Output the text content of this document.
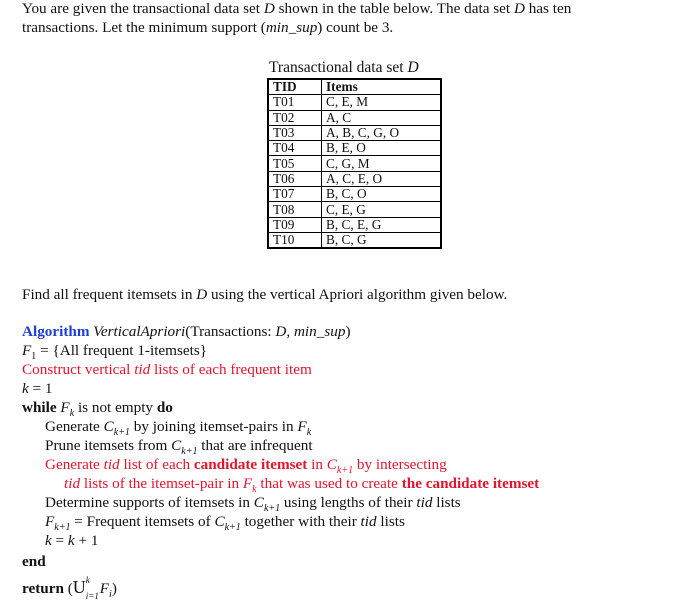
You are given the transactional data set D shown in the table below. The data set D has ten
transactions. Let the minimum support (min_sup) count be 3.
Transactional data set D
TID	Items
T01	C, E, M
T02	A, C
T03	A, B, C, G, O
T04	B, E, O
T05	C, G, M
T06	A, C, E, O
T07	B, C, O
T08	C, E, G
T09	B, C, E, G
T10	B, C, G
Find all frequent itemsets in D using the vertical Apriori algorithm given below.
Algorithm VerticalApriori(Transactions: D, min_sup)
$F_1 = \{All$ frequent 1-itemsets}
Construct vertical tid lists of each frequent item
k = 1
while $F_k$ is not empty do
Generate $C_{k+1}$ by joining itemset-pairs in $F_k$
Prune itemsets from $C_{k+1}$ that are infrequent
Generate tid list of each candidate itemset in $C_{k+1}$ by intersecting
tid lists of the itemset-pair in $F_k$ that was used to create the candidate itemset
Determine supports of itemsets in $C_{k+1}$ using lengths of their tid lists
$F_{k+1}$ = Frequent itemsets of $C_{k+1}$ together with their tid lists
k = k + 1
end
return (U k
i=1 $F_i$)
